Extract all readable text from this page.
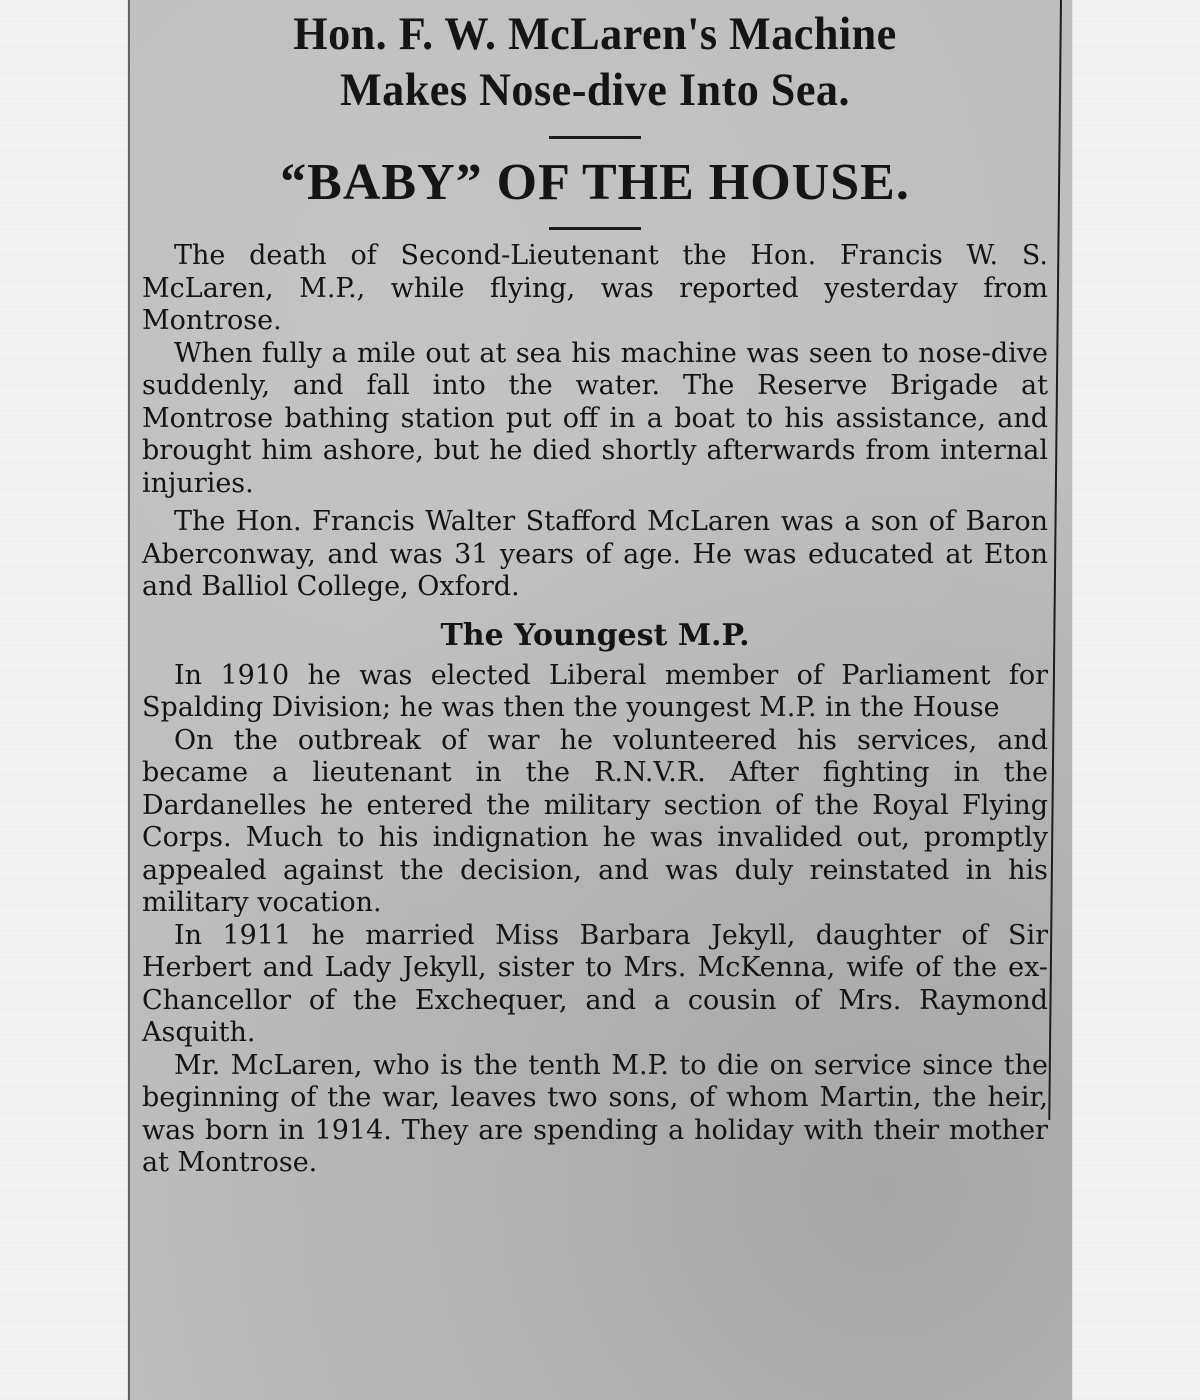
Hon. F. W. McLaren's Machine
Makes Nose-dive Into Sea.
“BABY” OF THE HOUSE.

The death of Second-Lieutenant the Hon. Francis W. S. McLaren, M.P., while flying, was reported yesterday from Montrose.

When fully a mile out at sea his machine was seen to nose-dive suddenly, and fall into the water. The Reserve Brigade at Montrose bathing station put off in a boat to his assistance, and brought him ashore, but he died shortly afterwards from internal injuries.

The Hon. Francis Walter Stafford McLaren was a son of Baron Aberconway, and was 31 years of age. He was educated at Eton and Balliol College, Oxford.

The Youngest M.P.

In 1910 he was elected Liberal member of Parliament for Spalding Division; he was then the youngest M.P. in the House

On the outbreak of war he volunteered his services, and became a lieutenant in the R.N.V.R. After fighting in the Dardanelles he entered the military section of the Royal Flying Corps. Much to his indignation he was invalided out, promptly appealed against the decision, and was duly reinstated in his military vocation.

In 1911 he married Miss Barbara Jekyll, daughter of Sir Herbert and Lady Jekyll, sister to Mrs. McKenna, wife of the ex-Chancellor of the Exchequer, and a cousin of Mrs. Raymond Asquith.

Mr. McLaren, who is the tenth M.P. to die on service since the beginning of the war, leaves two sons, of whom Martin, the heir, was born in 1914. They are spending a holiday with their mother at Montrose.
